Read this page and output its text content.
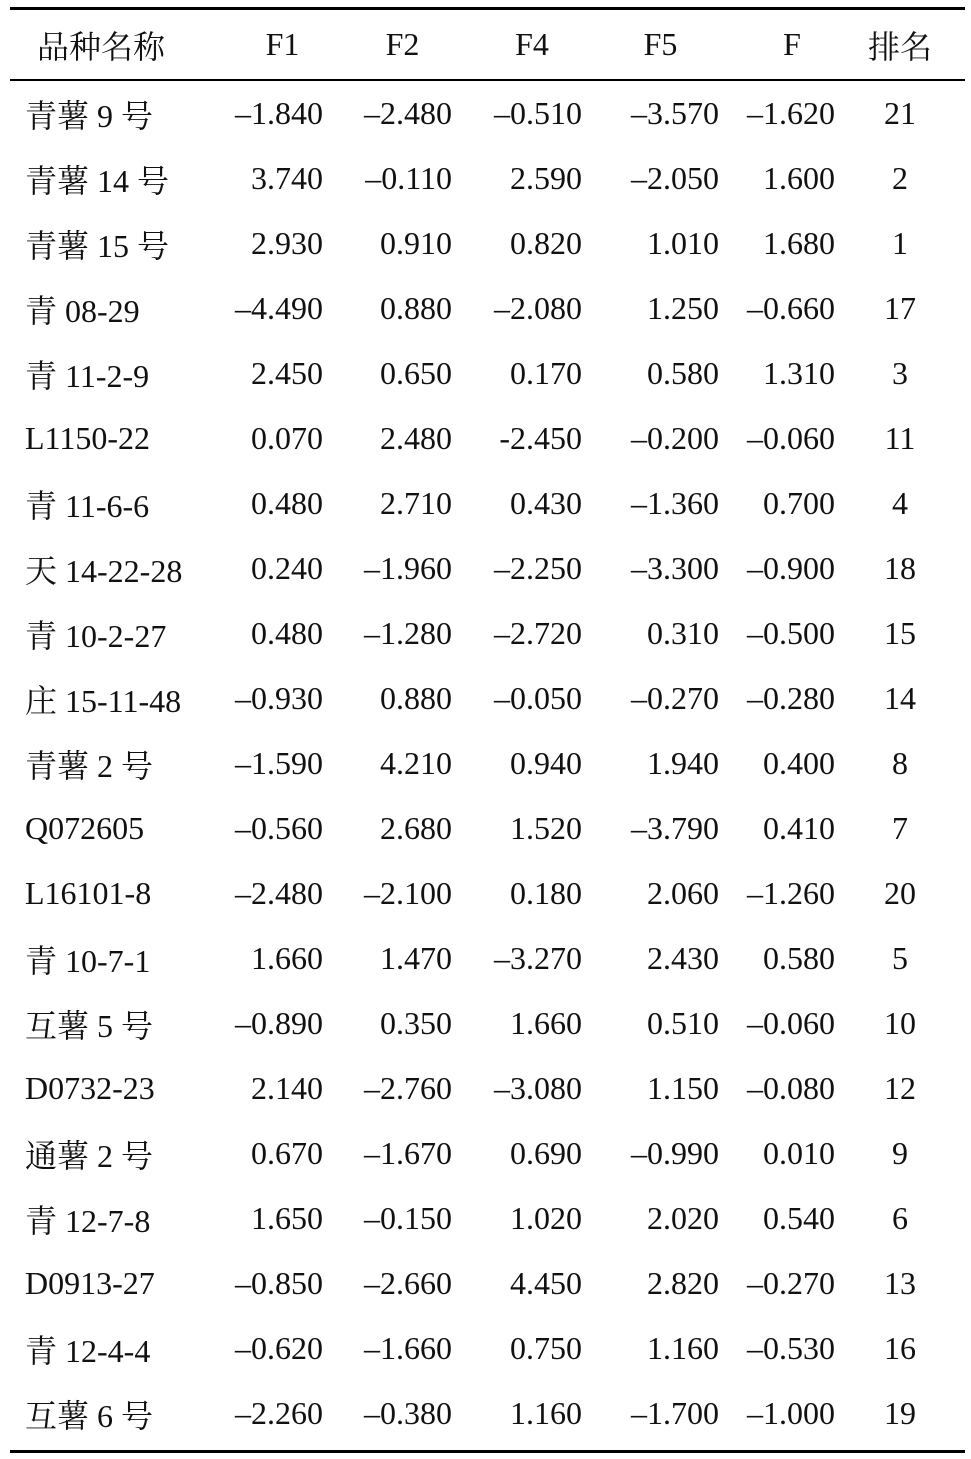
品种名称	F1	F2	F4	F5	F	排名
青薯 9 号	–1.840	–2.480	–0.510	–3.570	–1.620	21
青薯 14 号	3.740	–0.110	2.590	–2.050	1.600	2
青薯 15 号	2.930	0.910	0.820	1.010	1.680	1
青 08-29	–4.490	0.880	–2.080	1.250	–0.660	17
青 11-2-9	2.450	0.650	0.170	0.580	1.310	3
L1150-22	0.070	2.480	-2.450	–0.200	–0.060	11
青 11-6-6	0.480	2.710	0.430	–1.360	0.700	4
天 14-22-28	0.240	–1.960	–2.250	–3.300	–0.900	18
青 10-2-27	0.480	–1.280	–2.720	0.310	–0.500	15
庄 15-11-48	–0.930	0.880	–0.050	–0.270	–0.280	14
青薯 2 号	–1.590	4.210	0.940	1.940	0.400	8
Q072605	–0.560	2.680	1.520	–3.790	0.410	7
L16101-8	–2.480	–2.100	0.180	2.060	–1.260	20
青 10-7-1	1.660	1.470	–3.270	2.430	0.580	5
互薯 5 号	–0.890	0.350	1.660	0.510	–0.060	10
D0732-23	2.140	–2.760	–3.080	1.150	–0.080	12
通薯 2 号	0.670	–1.670	0.690	–0.990	0.010	9
青 12-7-8	1.650	–0.150	1.020	2.020	0.540	6
D0913-27	–0.850	–2.660	4.450	2.820	–0.270	13
青 12-4-4	–0.620	–1.660	0.750	1.160	–0.530	16
互薯 6 号	–2.260	–0.380	1.160	–1.700	–1.000	19
